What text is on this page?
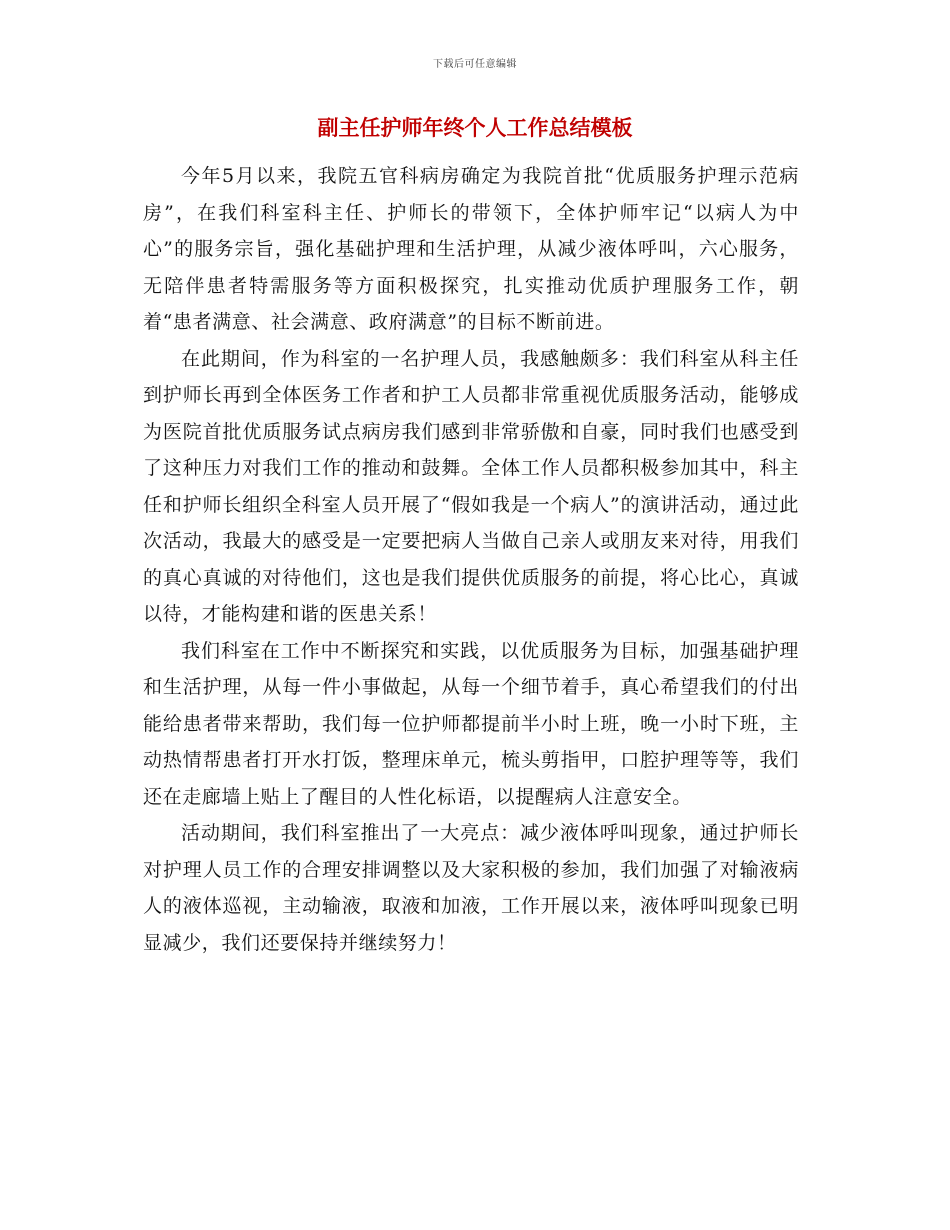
下载后可任意编辑
副主任护师年终个人工作总结模板

今年5月以来，我院五官科病房确定为我院首批“优质服务护理示范病房”，在我们科室科主任、护师长的带领下，全体护师牢记“以病人为中心”的服务宗旨，强化基础护理和生活护理，从减少液体呼叫，六心服务，无陪伴患者特需服务等方面积极探究，扎实推动优质护理服务工作，朝着“患者满意、社会满意、政府满意”的目标不断前进。

在此期间，作为科室的一名护理人员，我感触颇多：我们科室从科主任到护师长再到全体医务工作者和护工人员都非常重视优质服务活动，能够成为医院首批优质服务试点病房我们感到非常骄傲和自豪，同时我们也感受到了这种压力对我们工作的推动和鼓舞。全体工作人员都积极参加其中，科主任和护师长组织全科室人员开展了“假如我是一个病人”的演讲活动，通过此次活动，我最大的感受是一定要把病人当做自己亲人或朋友来对待，用我们的真心真诚的对待他们，这也是我们提供优质服务的前提，将心比心，真诚以待，才能构建和谐的医患关系！

我们科室在工作中不断探究和实践，以优质服务为目标，加强基础护理和生活护理，从每一件小事做起，从每一个细节着手，真心希望我们的付出能给患者带来帮助，我们每一位护师都提前半小时上班，晚一小时下班，主动热情帮患者打开水打饭，整理床单元，梳头剪指甲，口腔护理等等，我们还在走廊墙上贴上了醒目的人性化标语，以提醒病人注意安全。

活动期间，我们科室推出了一大亮点：减少液体呼叫现象，通过护师长对护理人员工作的合理安排调整以及大家积极的参加，我们加强了对输液病人的液体巡视，主动输液，取液和加液，工作开展以来，液体呼叫现象已明显减少，我们还要保持并继续努力！
